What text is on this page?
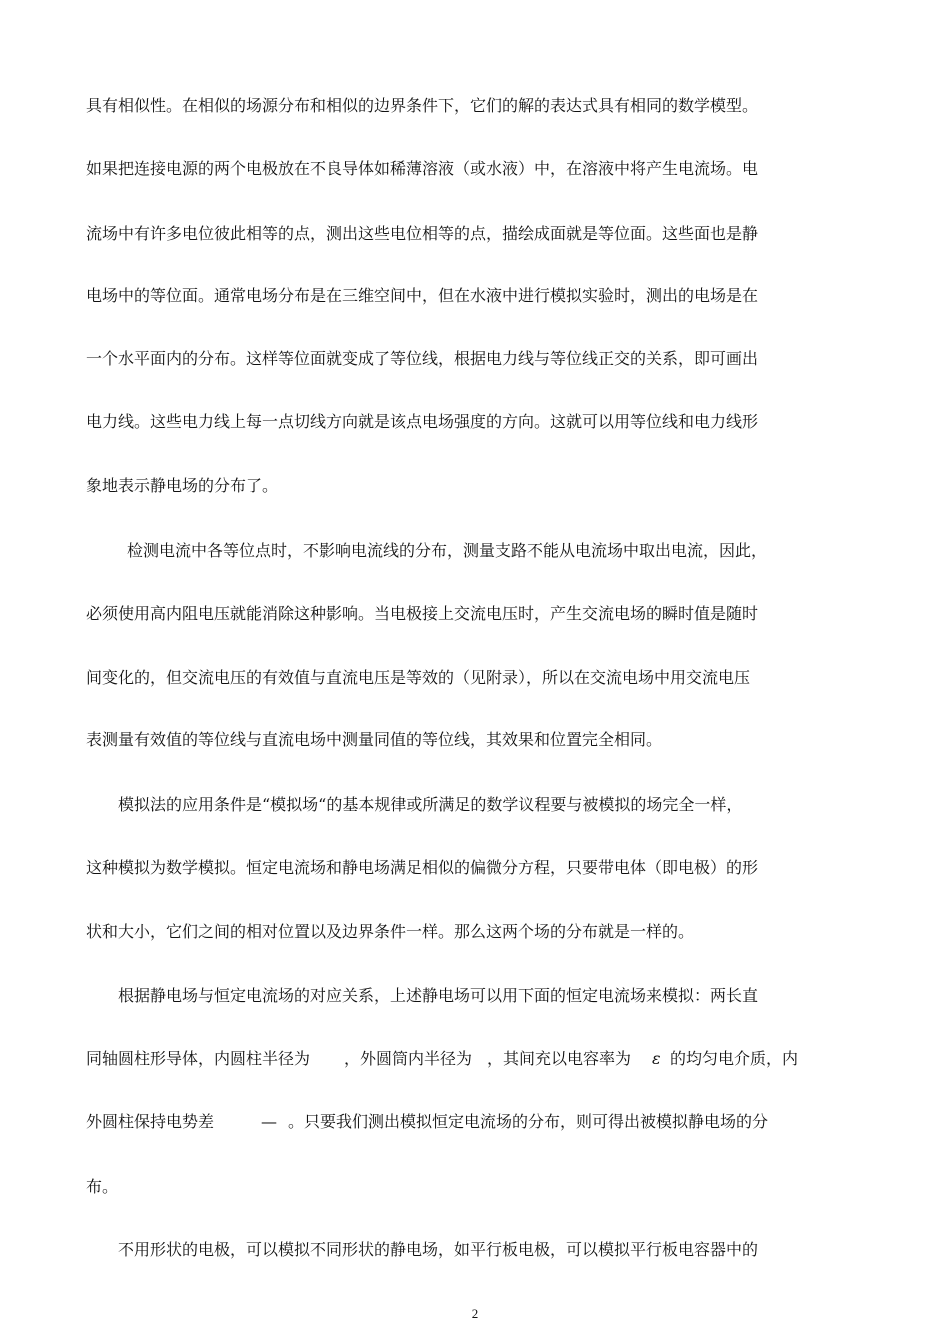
具有相似性。在相似的场源分布和相似的边界条件下，它们的解的表达式具有相同的数学模型。
如果把连接电源的两个电极放在不良导体如稀薄溶液（或水液）中，在溶液中将产生电流场。电
流场中有许多电位彼此相等的点，测出这些电位相等的点，描绘成面就是等位面。这些面也是静
电场中的等位面。通常电场分布是在三维空间中，但在水液中进行模拟实验时，测出的电场是在
一个水平面内的分布。这样等位面就变成了等位线，根据电力线与等位线正交的关系，即可画出
电力线。这些电力线上每一点切线方向就是该点电场强度的方向。这就可以用等位线和电力线形
象地表示静电场的分布了。
检测电流中各等位点时，不影响电流线的分布，测量支路不能从电流场中取出电流，因此，
必须使用高内阻电压就能消除这种影响。当电极接上交流电压时，产生交流电场的瞬时值是随时
间变化的，但交流电压的有效值与直流电压是等效的（见附录），所以在交流电场中用交流电压
表测量有效值的等位线与直流电场中测量同值的等位线，其效果和位置完全相同。
模拟法的应用条件是“模拟场“的基本规律或所满足的数学议程要与被模拟的场完全一样，
这种模拟为数学模拟。恒定电流场和静电场满足相似的偏微分方程，只要带电体（即电极）的形
状和大小，它们之间的相对位置以及边界条件一样。那么这两个场的分布就是一样的。
根据静电场与恒定电流场的对应关系，上述静电场可以用下面的恒定电流场来模拟：两长直
同轴圆柱形导体，内圆柱半径为 ，外圆筒内半径为 ，其间充以电容率为 ε 的均匀电介质，内
外圆柱保持电势差	— 。只要我们测出模拟恒定电流场的分布，则可得出被模拟静电场的分
布。
不用形状的电极，可以模拟不同形状的静电场，如平行板电极，可以模拟平行板电容器中的
2
